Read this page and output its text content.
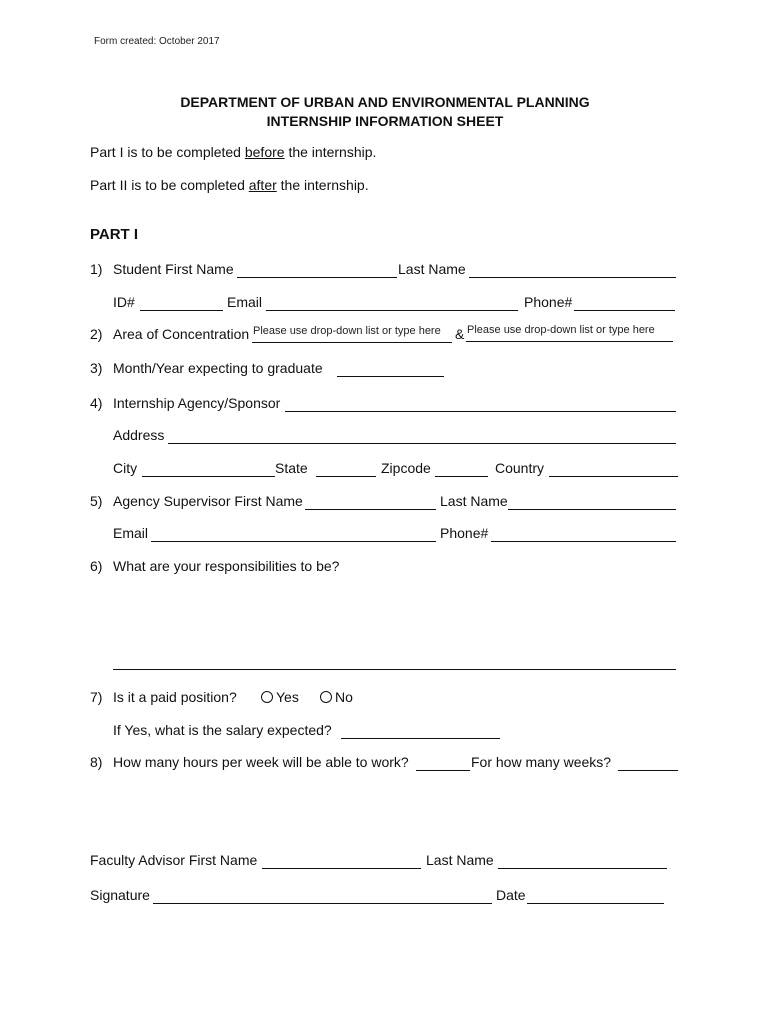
Form created: October 2017
DEPARTMENT OF URBAN AND ENVIRONMENTAL PLANNING
INTERNSHIP INFORMATION SHEET
Part I is to be completed before the internship.
Part II is to be completed after the internship.
PART I
1) Student First Name	Last Name
ID#	Email	Phone#
2) Area of Concentration Please use drop-down list or type here & Please use drop-down list or type here
3) Month/Year expecting to graduate
4) Internship Agency/Sponsor
Address
City	State	Zipcode	Country
5) Agency Supervisor First Name	Last Name
Email	Phone#
6) What are your responsibilities to be?
7) Is it a paid position?	Yes	No
If Yes, what is the salary expected?
8) How many hours per week will be able to work?	For how many weeks?
Faculty Advisor First Name	Last Name
Signature	Date
